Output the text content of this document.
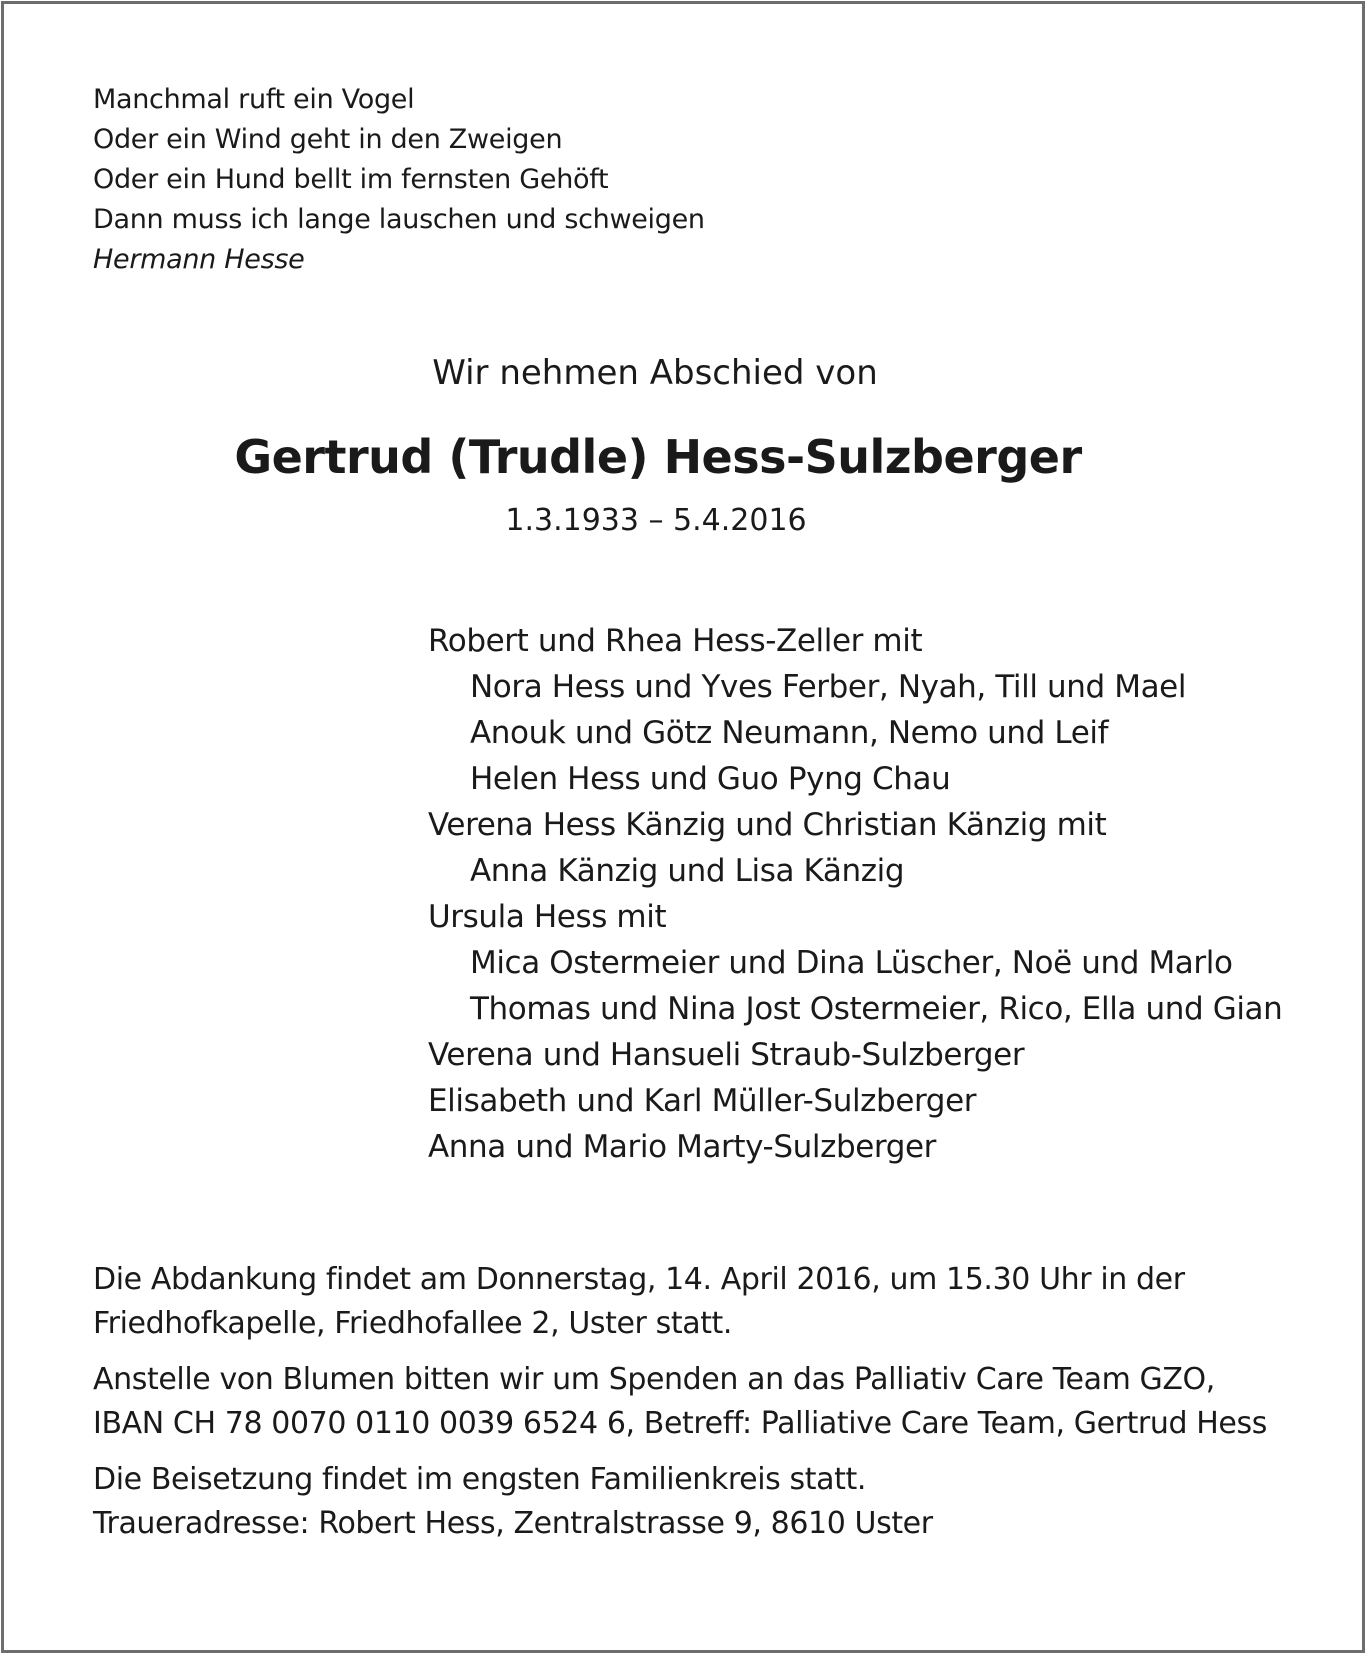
Manchmal ruft ein Vogel
Oder ein Wind geht in den Zweigen
Oder ein Hund bellt im fernsten Gehöft
Dann muss ich lange lauschen und schweigen
Hermann Hesse
Wir nehmen Abschied von
Gertrud (Trudle) Hess-Sulzberger
1.3.1933 – 5.4.2016
Robert und Rhea Hess-Zeller mit
Nora Hess und Yves Ferber, Nyah, Till und Mael
Anouk und Götz Neumann, Nemo und Leif
Helen Hess und Guo Pyng Chau
Verena Hess Känzig und Christian Känzig mit
Anna Känzig und Lisa Känzig
Ursula Hess mit
Mica Ostermeier und Dina Lüscher, Noë und Marlo
Thomas und Nina Jost Ostermeier, Rico, Ella und Gian
Verena und Hansueli Straub-Sulzberger
Elisabeth und Karl Müller-Sulzberger
Anna und Mario Marty-Sulzberger

Die Abdankung findet am Donnerstag, 14. April 2016, um 15.30 Uhr in der
Friedhofkapelle, Friedhofallee 2, Uster statt.

Anstelle von Blumen bitten wir um Spenden an das Palliativ Care Team GZO,
IBAN CH 78 0070 0110 0039 6524 6, Betreff: Palliative Care Team, Gertrud Hess

Die Beisetzung findet im engsten Familienkreis statt.
Traueradresse: Robert Hess, Zentralstrasse 9, 8610 Uster
